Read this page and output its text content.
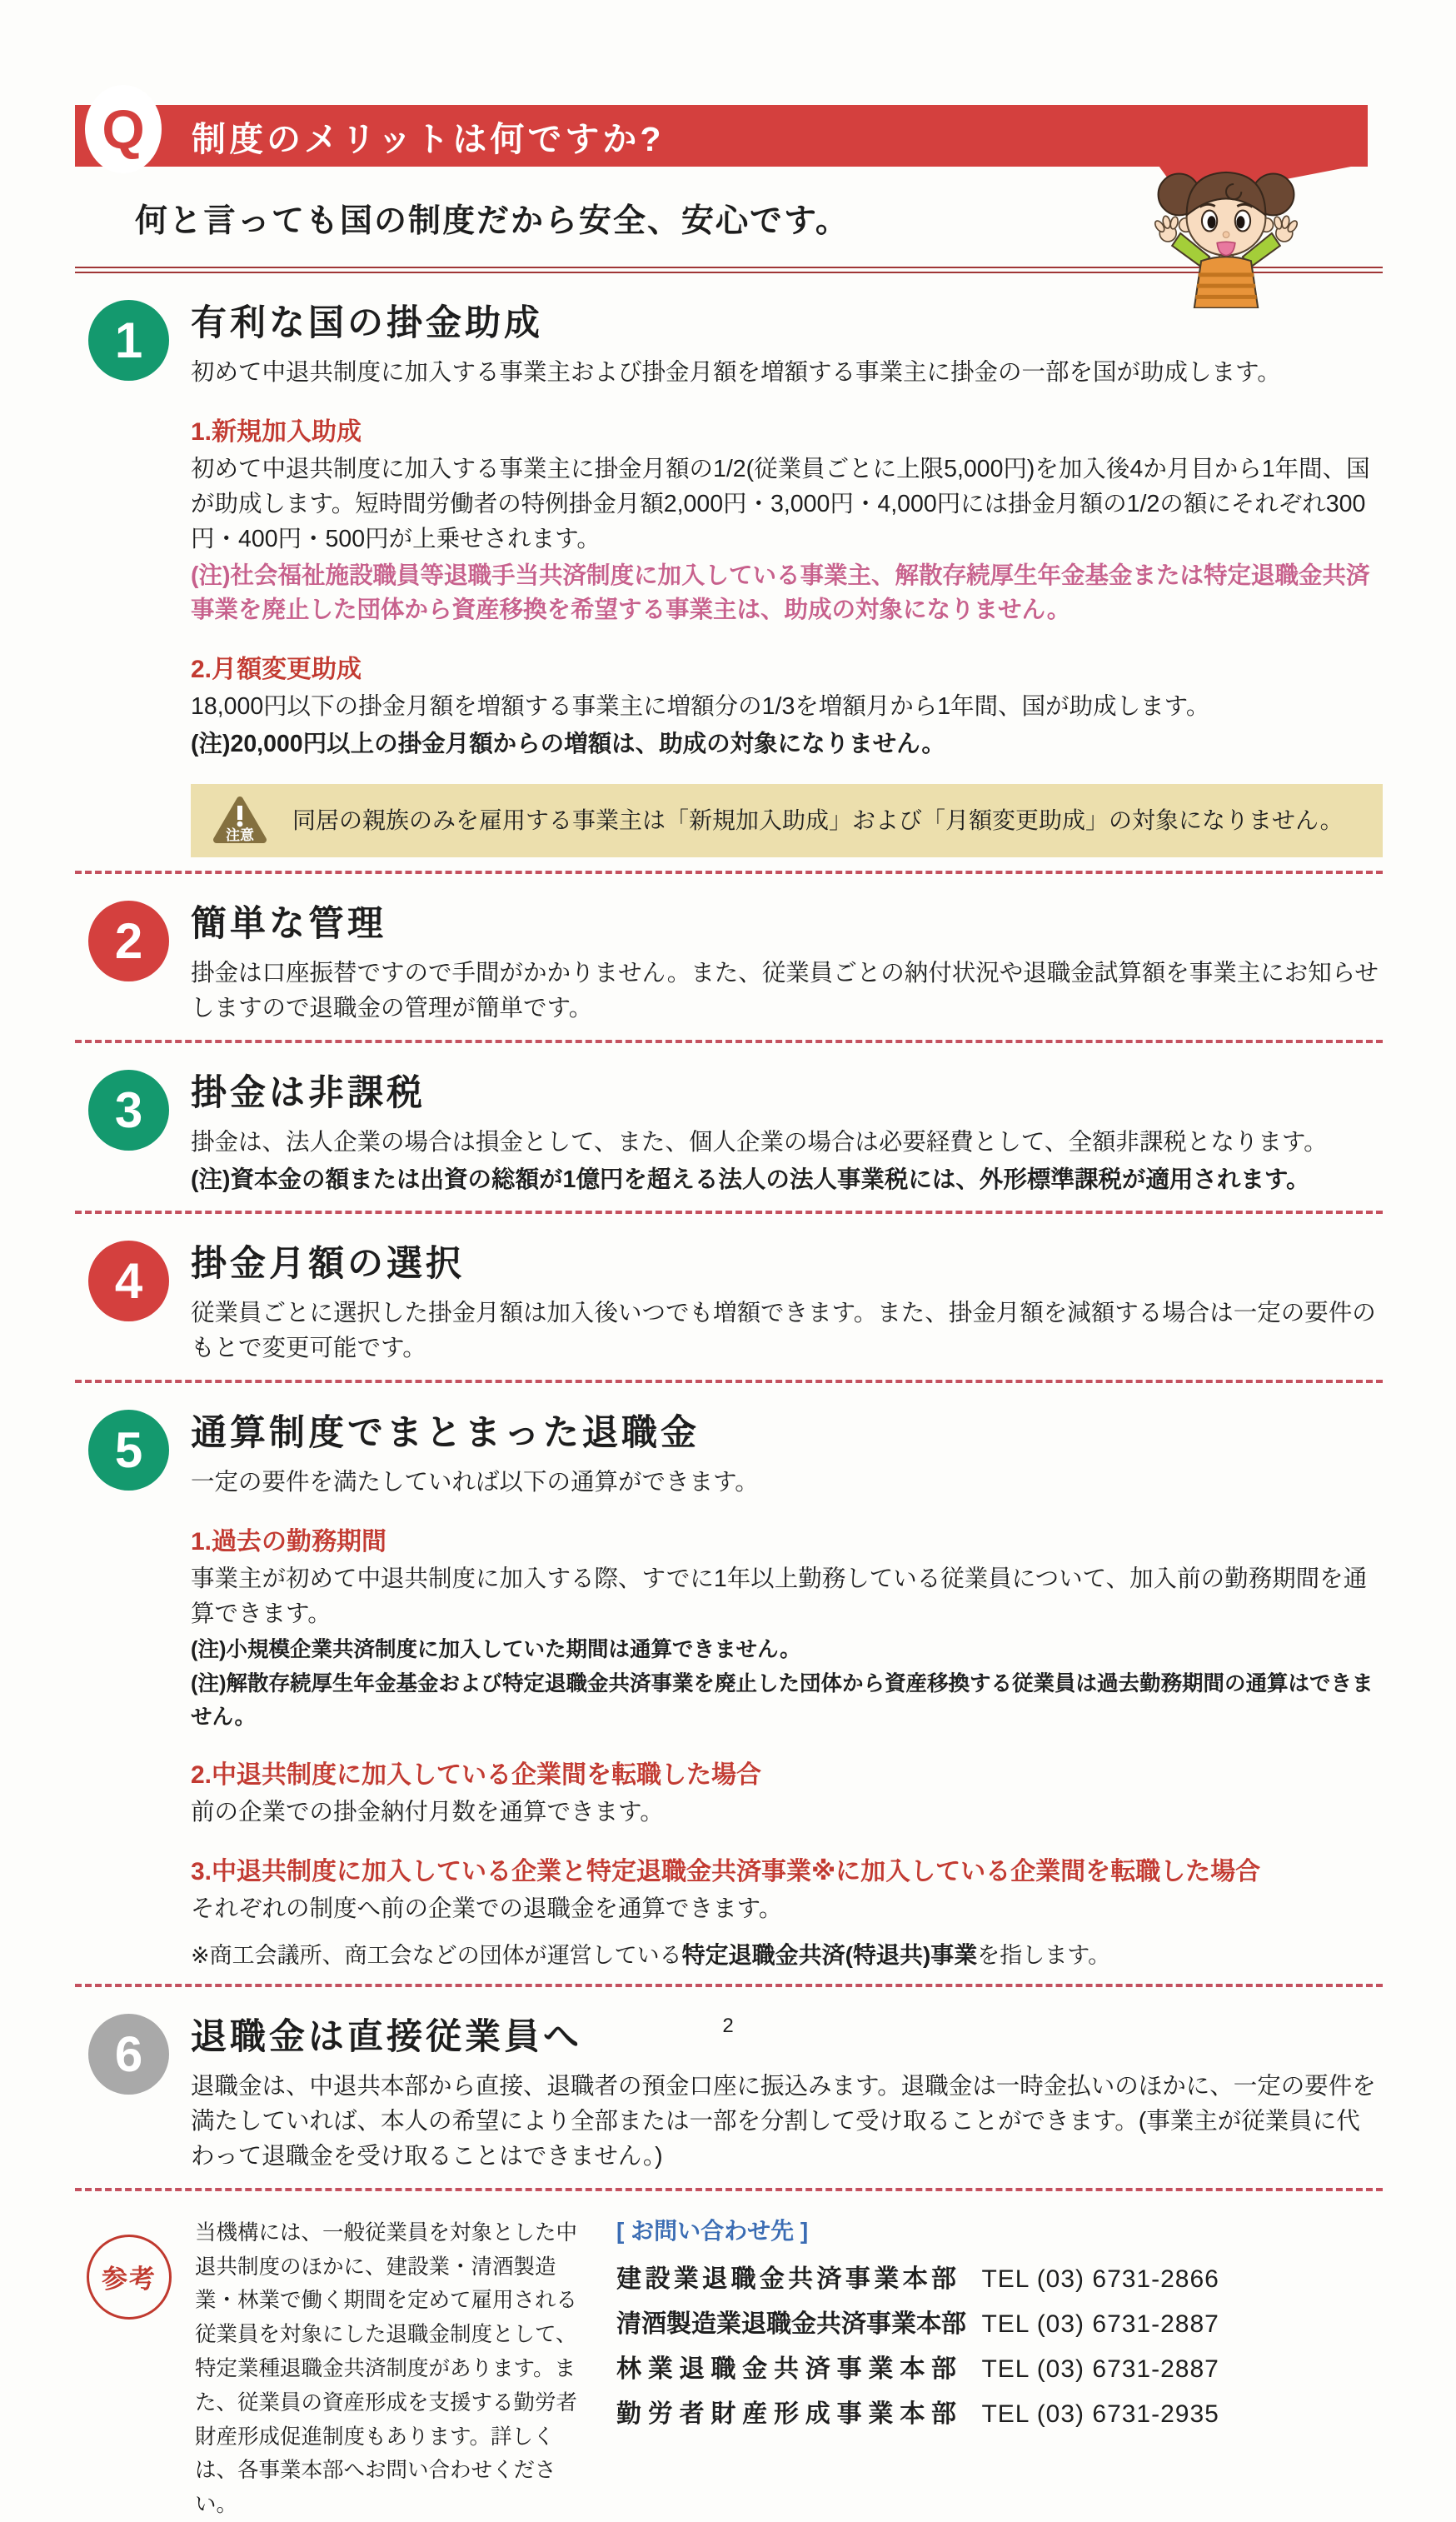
Q 制度のメリットは何ですか?

何と言っても国の制度だから安全、安心です。

1	有利な国の掛金助成

初めて中退共制度に加入する事業主および掛金月額を増額する事業主に掛金の一部を国が助成します。

1.新規加入助成

初めて中退共制度に加入する事業主に掛金月額の1/2(従業員ごとに上限5,000円)を加入後4か月目から1年間、国が助成します。短時間労働者の特例掛金月額2,000円・3,000円・4,000円には掛金月額の1/2の額にそれぞれ300円・400円・500円が上乗せされます。

(注)社会福祉施設職員等退職手当共済制度に加入している事業主、解散存続厚生年金基金または特定退職金共済事業を廃止した団体から資産移換を希望する事業主は、助成の対象になりません。

2.月額変更助成

18,000円以下の掛金月額を増額する事業主に増額分の1/3を増額月から1年間、国が助成します。

(注)20,000円以上の掛金月額からの増額は、助成の対象になりません。

注意

同居の親族のみを雇用する事業主は「新規加入助成」および「月額変更助成」の対象になりません。

2	簡単な管理

掛金は口座振替ですので手間がかかりません。また、従業員ごとの納付状況や退職金試算額を事業主にお知らせしますので退職金の管理が簡単です。

3	掛金は非課税

掛金は、法人企業の場合は損金として、また、個人企業の場合は必要経費として、全額非課税となります。

(注)資本金の額または出資の総額が1億円を超える法人の法人事業税には、外形標準課税が適用されます。

4	掛金月額の選択

従業員ごとに選択した掛金月額は加入後いつでも増額できます。また、掛金月額を減額する場合は一定の要件のもとで変更可能です。

5	通算制度でまとまった退職金

一定の要件を満たしていれば以下の通算ができます。

1.過去の勤務期間

事業主が初めて中退共制度に加入する際、すでに1年以上勤務している従業員について、加入前の勤務期間を通算できます。

(注)小規模企業共済制度に加入していた期間は通算できません。

(注)解散存続厚生年金基金および特定退職金共済事業を廃止した団体から資産移換する従業員は過去勤務期間の通算はできません。

2.中退共制度に加入している企業間を転職した場合

前の企業での掛金納付月数を通算できます。

3.中退共制度に加入している企業と特定退職金共済事業※に加入している企業間を転職した場合

それぞれの制度へ前の企業での退職金を通算できます。

※商工会議所、商工会などの団体が運営している特定退職金共済(特退共)事業を指します。

6	退職金は直接従業員へ

退職金は、中退共本部から直接、退職者の預金口座に振込みます。退職金は一時金払いのほかに、一定の要件を満たしていれば、本人の希望により全部または一部を分割して受け取ることができます。(事業主が従業員に代わって退職金を受け取ることはできません。)

参考

当機構には、一般従業員を対象とした中退共制度のほかに、建設業・清酒製造業・林業で働く期間を定めて雇用される従業員を対象にした退職金制度として、特定業種退職金共済制度があります。また、従業員の資産形成を支援する勤労者財産形成促進制度もあります。詳しくは、各事業本部へお問い合わせください。

[ お問い合わせ先 ]

建設業退職金共済事業本部 TEL (03) 6731-2866

清酒製造業退職金共済事業本部 TEL (03) 6731-2887

林業退職金共済事業本部 TEL (03) 6731-2887

勤労者財産形成事業本部 TEL (03) 6731-2935

2
